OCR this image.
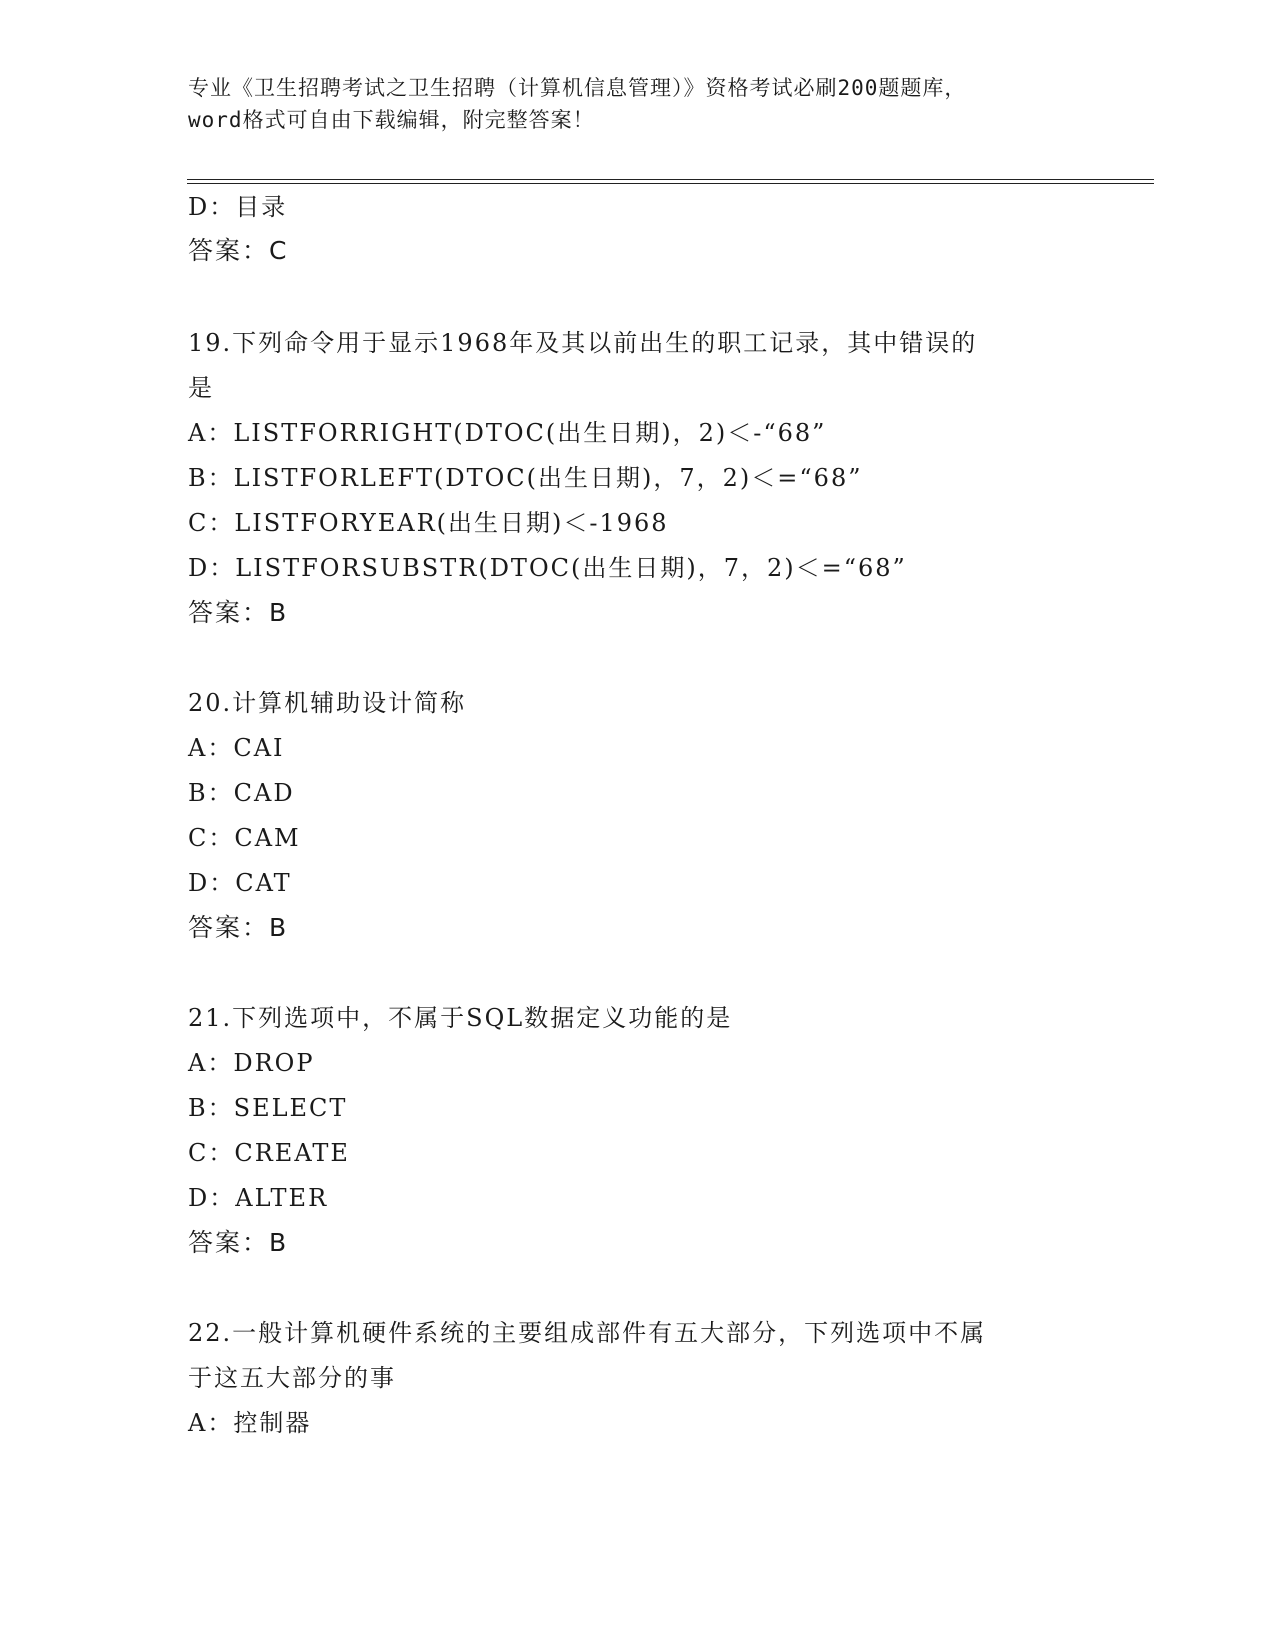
专业《卫生招聘考试之卫生招聘（计算机信息管理）》资格考试必刷200题题库，
word格式可自由下载编辑，附完整答案！
D：目录
答案：C
19.下列命令用于显示1968年及其以前出生的职工记录，其中错误的
是
A：LISTFORRIGHT(DTOC(出生日期)，2)＜-“68”
B：LISTFORLEFT(DTOC(出生日期)，7，2)＜=“68”
C：LISTFORYEAR(出生日期)＜-1968
D：LISTFORSUBSTR(DTOC(出生日期)，7，2)＜=“68”
答案：B
20.计算机辅助设计简称
A：CAI
B：CAD
C：CAM
D：CAT
答案：B
21.下列选项中，不属于SQL数据定义功能的是
A：DROP
B：SELECT
C：CREATE
D：ALTER
答案：B
22.一般计算机硬件系统的主要组成部件有五大部分，下列选项中不属
于这五大部分的事
A：控制器
